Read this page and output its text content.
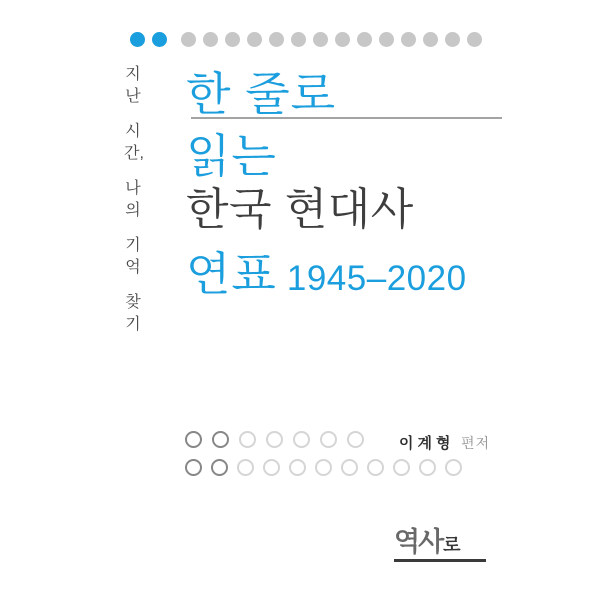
지
난
시
간,
나
의
기
억
찾
기
한 줄로
읽는
한국 현대사
연표 1945–2020
이계형 편저
역사 로
